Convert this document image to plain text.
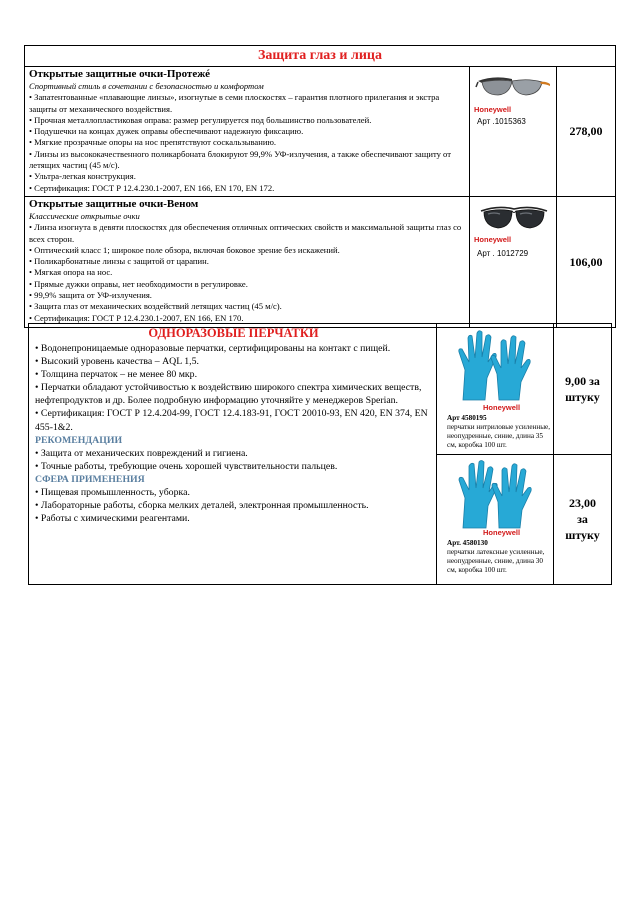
Защита глаз и лица
Открытые защитные очки-Протежé
Спортивный стиль в сочетании с безопасностью и комфортом
• Запатентованные «плавающие линзы», изогнутые в семи плоскостях – гарантия плотного прилегания и экстра защиты от механического воздействия.
• Прочная металлопластиковая оправа: размер регулируется под большинство пользователей.
• Подушечки на концах дужек оправы обеспечивают надежную фиксацию.
• Мягкие прозрачные опоры на нос препятствуют соскальзыванию.
• Линзы из высококачественного поликарбоната блокируют 99,9% УФ-излучения, а также обеспечивают защиту от летящих частиц (45 м/с).
• Ультра-легкая конструкция.
• Сертификация: ГОСТ Р 12.4.230.1-2007, EN 166, EN 170, EN 172.
Honeywell
Арт .1015363
278,00
Открытые защитные очки-Веном
Классические открытые очки
• Линза изогнута в девяти плоскостях для обеспечения отличных оптических свойств и максимальной защиты глаз со всех сторон.
• Оптический класс 1; широкое поле обзора, включая боковое зрение без искажений.
• Поликарбонатные линзы с защитой от царапин.
• Мягкая опора на нос.
• Прямые дужки оправы, нет необходимости в регулировке.
• 99,9% защита от УФ-излучения.
• Защита глаз от механических воздействий летящих частиц (45 м/с).
• Сертификация: ГОСТ Р 12.4.230.1-2007, EN 166, EN 170.
Honeywell
Арт . 1012729
106,00
ОДНОРАЗОВЫЕ ПЕРЧАТКИ
• Водонепроницаемые одноразовые перчатки, сертифицированы на контакт с пищей.
• Высокий уровень качества – AQL 1,5.
• Толщина перчаток – не менее 80 мкр.
• Перчатки обладают устойчивостью к воздействию широкого спектра химических веществ, нефтепродуктов и др. Более подробную информацию уточняйте у менеджеров Sperian.
• Сертификация: ГОСТ Р 12.4.204-99, ГОСТ 12.4.183-91, ГОСТ 20010-93, EN 420, EN 374, EN 455-1&2.
РЕКОМЕНДАЦИИ
• Защита от механических повреждений и гигиена.
• Точные работы, требующие очень хорошей чувствительности пальцев.
СФЕРА ПРИМЕНЕНИЯ
• Пищевая промышленность, уборка.
• Лабораторные работы, сборка мелких деталей, электронная промышленность.
• Работы с химическими реагентами.
Honeywell
Арт 4580195
перчатки нитриловые усиленные, неопудренные, синие, длина 35 см, коробка 100 шт.
Honeywell
Арт. 4580130
перчатки латексные усиленные, неопудренные, синие, длина 30 см, коробка 100 шт.
9,00 за
штуку
23,00
за
штуку
